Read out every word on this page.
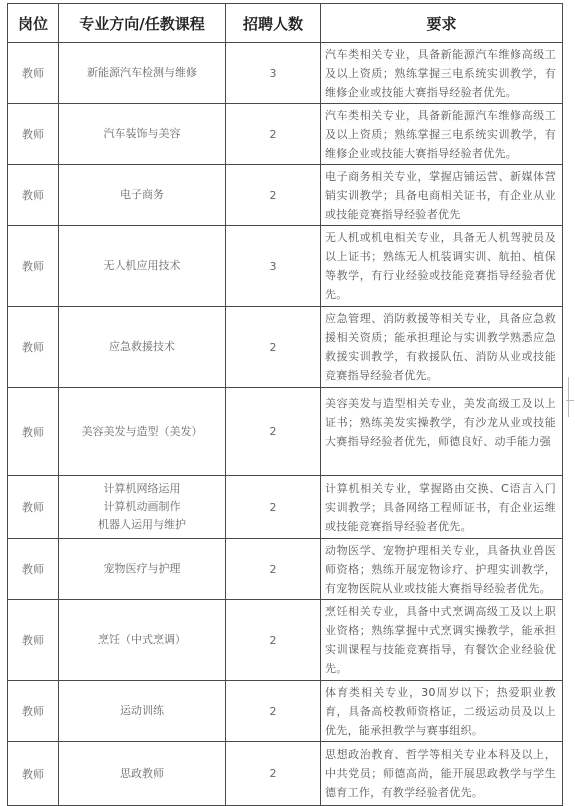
岗位	专业方向/任教课程	招聘人数	要求
教师	新能源汽车检测与维修	3	汽车类相关专业，具备新能源汽车维修高级工及以上资质；熟练掌握三电系统实训教学，有维修企业或技能大赛指导经验者优先。

教师	汽车装饰与美容	2	汽车类相关专业，具备新能源汽车维修高级工及以上资质；熟练掌握三电系统实训教学，有维修企业或技能大赛指导经验者优先。

教师	电子商务	2	电子商务相关专业，掌握店铺运营、新媒体营销实训教学；具备电商相关证书，有企业从业或技能竞赛指导经验者优先

教师	无人机应用技术	3	无人机或机电相关专业，具备无人机驾驶员及以上证书；熟练无人机装调实训、航拍、植保等教学，有行业经验或技能竞赛指导经验者优先。

教师	应急救援技术	2	应急管理、消防救援等相关专业，具备应急救援相关资质；能承担理论与实训教学熟悉应急救援实训教学，有救援队伍、消防从业或技能竞赛指导经验者优先。

教师	美容美发与造型（美发）	2	美容美发与造型相关专业，美发高级工及以上证书；熟练美发实操教学，有沙龙从业或技能大赛指导经验者优先，师德良好、动手能力强

教师	计算机网络运用
计算机动画制作
机器人运用与维护	2	计算机相关专业，掌握路由交换、C语言入门实训教学；具备网络工程师证书，有企业运维或技能竞赛指导经验者优先。

教师	宠物医疗与护理	2	动物医学、宠物护理相关专业，具备执业兽医师资格；熟练开展宠物诊疗、护理实训教学，有宠物医院从业或技能大赛指导经验者优先。

教师	烹饪（中式烹调）	2	烹饪相关专业，具备中式烹调高级工及以上职业资格；熟练掌握中式烹调实操教学，能承担实训课程与技能竞赛指导，有餐饮企业经验优先。

教师	运动训练	2	体育类相关专业，30周岁以下；热爱职业教育，具备高校教师资格证，二级运动员及以上优先，能承担教学与赛事组织。

教师	思政教师	2	思想政治教育、哲学等相关专业本科及以上，中共党员；师德高尚，能开展思政教学与学生德育工作，有教学经验者优先。
